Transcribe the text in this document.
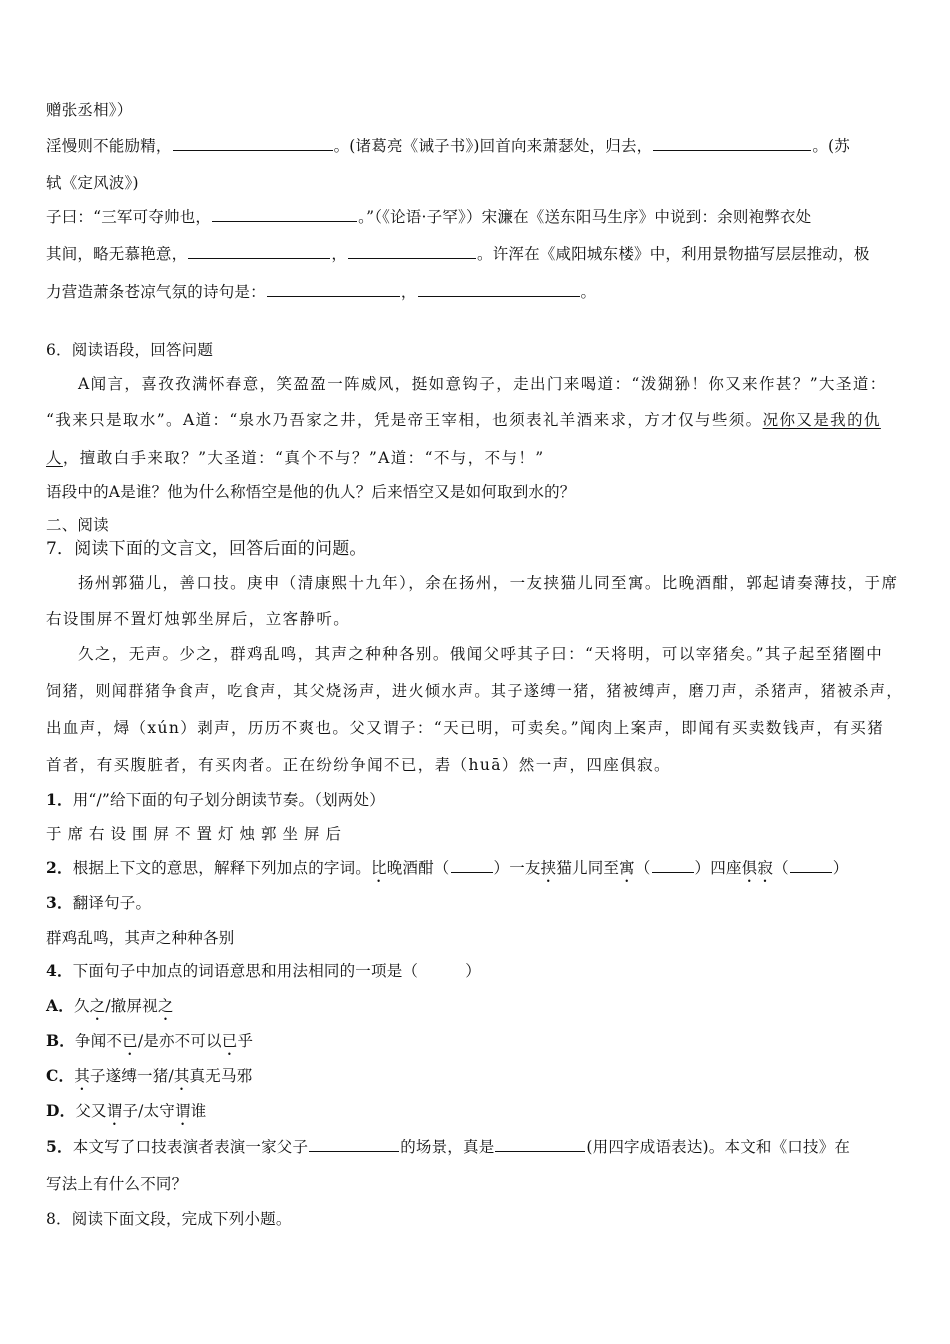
赠张丞相》）
淫慢则不能励精，	。(诸葛亮《诫子书》)回首向来萧瑟处，归去，	。(苏
轼《定风波》)
子曰：“三军可夺帅也，	。”（《论语·子罕》）宋濂在《送东阳马生序》中说到：余则袍弊衣处
其间，略无慕艳意，	，	。许浑在《咸阳城东楼》中，利用景物描写层层推动，极
力营造萧条苍凉气氛的诗句是：	，	。
6．阅读语段，回答问题
A闻言，喜孜孜满怀春意，笑盈盈一阵威风，挺如意钩子，走出门来喝道：“泼猢狲！你又来作甚？”大圣道：
“我来只是取水”。A道：“泉水乃吾家之井，凭是帝王宰相，也须表礼羊酒来求，方才仅与些须。况你又是我的仇
人，擅敢白手来取？”大圣道：“真个不与？”A道：“不与，不与！”
语段中的A是谁？他为什么称悟空是他的仇人？后来悟空又是如何取到水的？
二、阅读
7．阅读下面的文言文，回答后面的问题。
扬州郭猫儿，善口技。庚申（清康熙十九年），余在扬州，一友挟猫儿同至寓。比晚酒酣，郭起请奏薄技，于席
右设围屏不置灯烛郭坐屏后，立客静听。
久之，无声。少之，群鸡乱鸣，其声之种种各别。俄闻父呼其子曰：“天将明，可以宰猪矣。”其子起至猪圈中
饲猪，则闻群猪争食声，吃食声，其父烧汤声，进火倾水声。其子遂缚一猪，猪被缚声，磨刀声，杀猪声，猪被杀声，
出血声，燖（xún）剥声，历历不爽也。父又谓子：“天已明，可卖矣。”闻肉上案声，即闻有买卖数钱声，有买猪
首者，有买腹脏者，有买肉者。正在纷纷争闻不已，砉（huā）然一声，四座俱寂。
1．用“/”给下面的句子划分朗读节奏。（划两处）
于席右设围屏不置灯烛郭坐屏后
2．根据上下文的意思，解释下列加点的字词。比晚酒酣（	）一友挟猫儿同至寓（	）四座俱寂（	）
3．翻译句子。
群鸡乱鸣，其声之种种各别
4．下面句子中加点的词语意思和用法相同的一项是（　　　）
A．久之/撤屏视之
B．争闻不已/是亦不可以已乎
C．其子遂缚一猪/其真无马邪
D．父又谓子/太守谓谁
5．本文写了口技表演者表演一家父子	的场景，真是	(用四字成语表达)。本文和《口技》在
写法上有什么不同？
8．阅读下面文段，完成下列小题。
